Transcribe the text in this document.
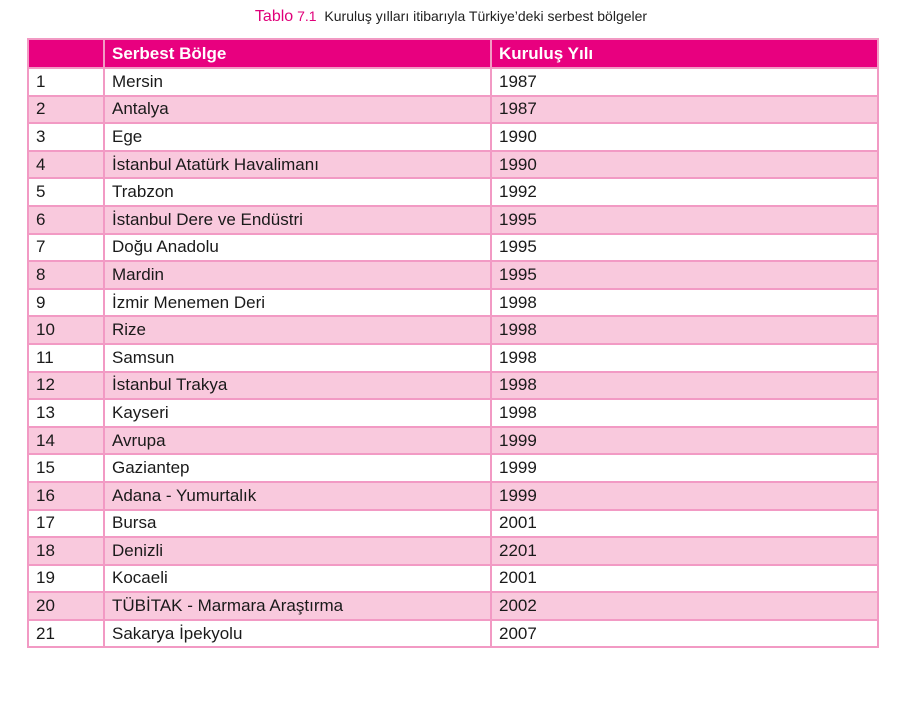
Tablo 7.1 Kuruluş yılları itibarıyla Türkiye’deki serbest bölgeler
	Serbest Bölge	Kuruluş Yılı
1	Mersin	1987
2	Antalya	1987
3	Ege	1990
4	İstanbul Atatürk Havalimanı	1990
5	Trabzon	1992
6	İstanbul Dere ve Endüstri	1995
7	Doğu Anadolu	1995
8	Mardin	1995
9	İzmir Menemen Deri	1998
10	Rize	1998
11	Samsun	1998
12	İstanbul Trakya	1998
13	Kayseri	1998
14	Avrupa	1999
15	Gaziantep	1999
16	Adana - Yumurtalık	1999
17	Bursa	2001
18	Denizli	2201
19	Kocaeli	2001
20	TÜBİTAK - Marmara Araştırma	2002
21	Sakarya İpekyolu	2007
